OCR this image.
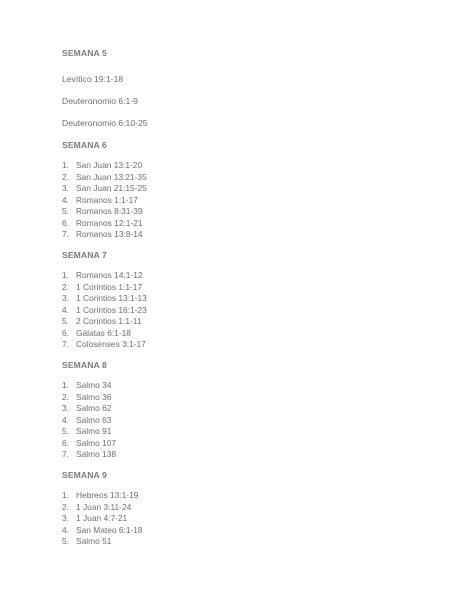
SEMANA 5
Levítico 19:1-18
Deuteronomio 6:1-9
Deuteronomio 6:10-25
SEMANA 6
1. San Juan 13:1-20
2. San Juan 13:21-35
3. San Juan 21:15-25
4. Romanos 1:1-17
5. Romanos 8:31-39
6. Romanos 12:1-21
7. Romanos 13:8-14
SEMANA 7
1. Romanos 14:1-12
2. 1 Corintios 1:1-17
3. 1 Corintios 13:1-13
4. 1 Corintios 16:1-23
5. 2 Corintios 1:1-11
6. Gálatas 6:1-18
7. Colosenses 3:1-17
SEMANA 8
1. Salmo 34
2. Salmo 36
3. Salmo 62
4. Salmo 63
5. Salmo 91
6. Salmo 107
7. Salmo 138
SEMANA 9
1. Hebreos 13:1-19
2. 1 Juan 3:11-24
3. 1 Juan 4:7-21
4. San Mateo 6:1-18
5. Salmo 51
